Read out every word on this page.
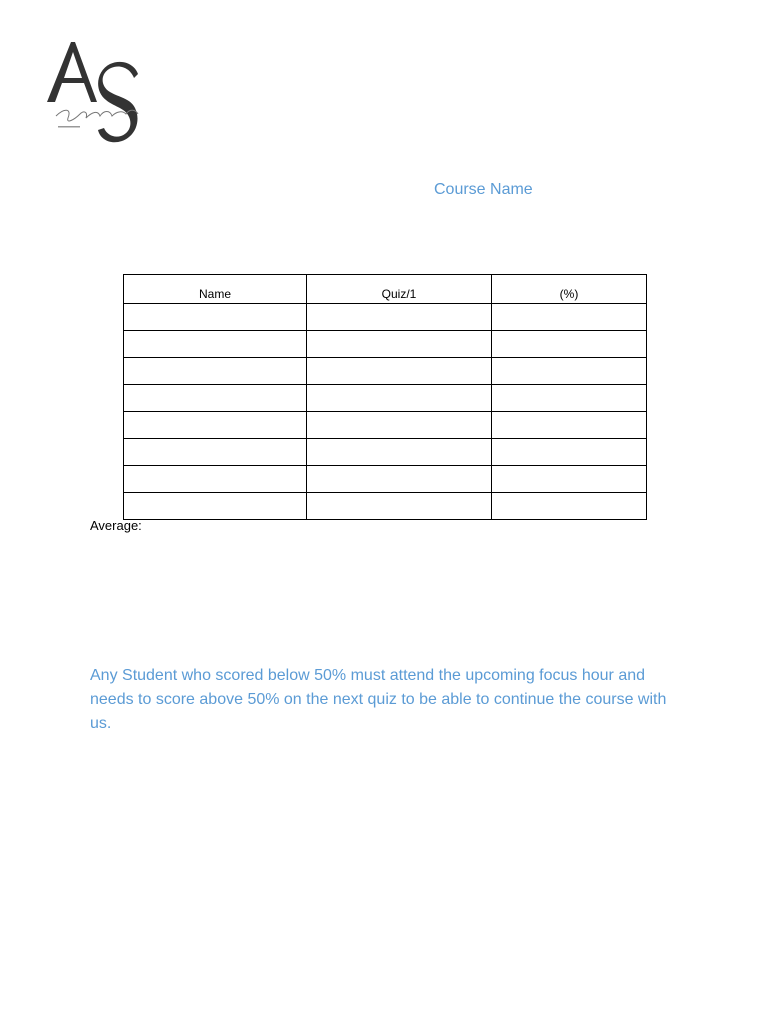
Course Name
Name	Quiz/1	(%)

Average:
Any Student who scored below 50% must attend the upcoming focus hour and needs to score above 50% on the next quiz to be able to continue the course with us.
